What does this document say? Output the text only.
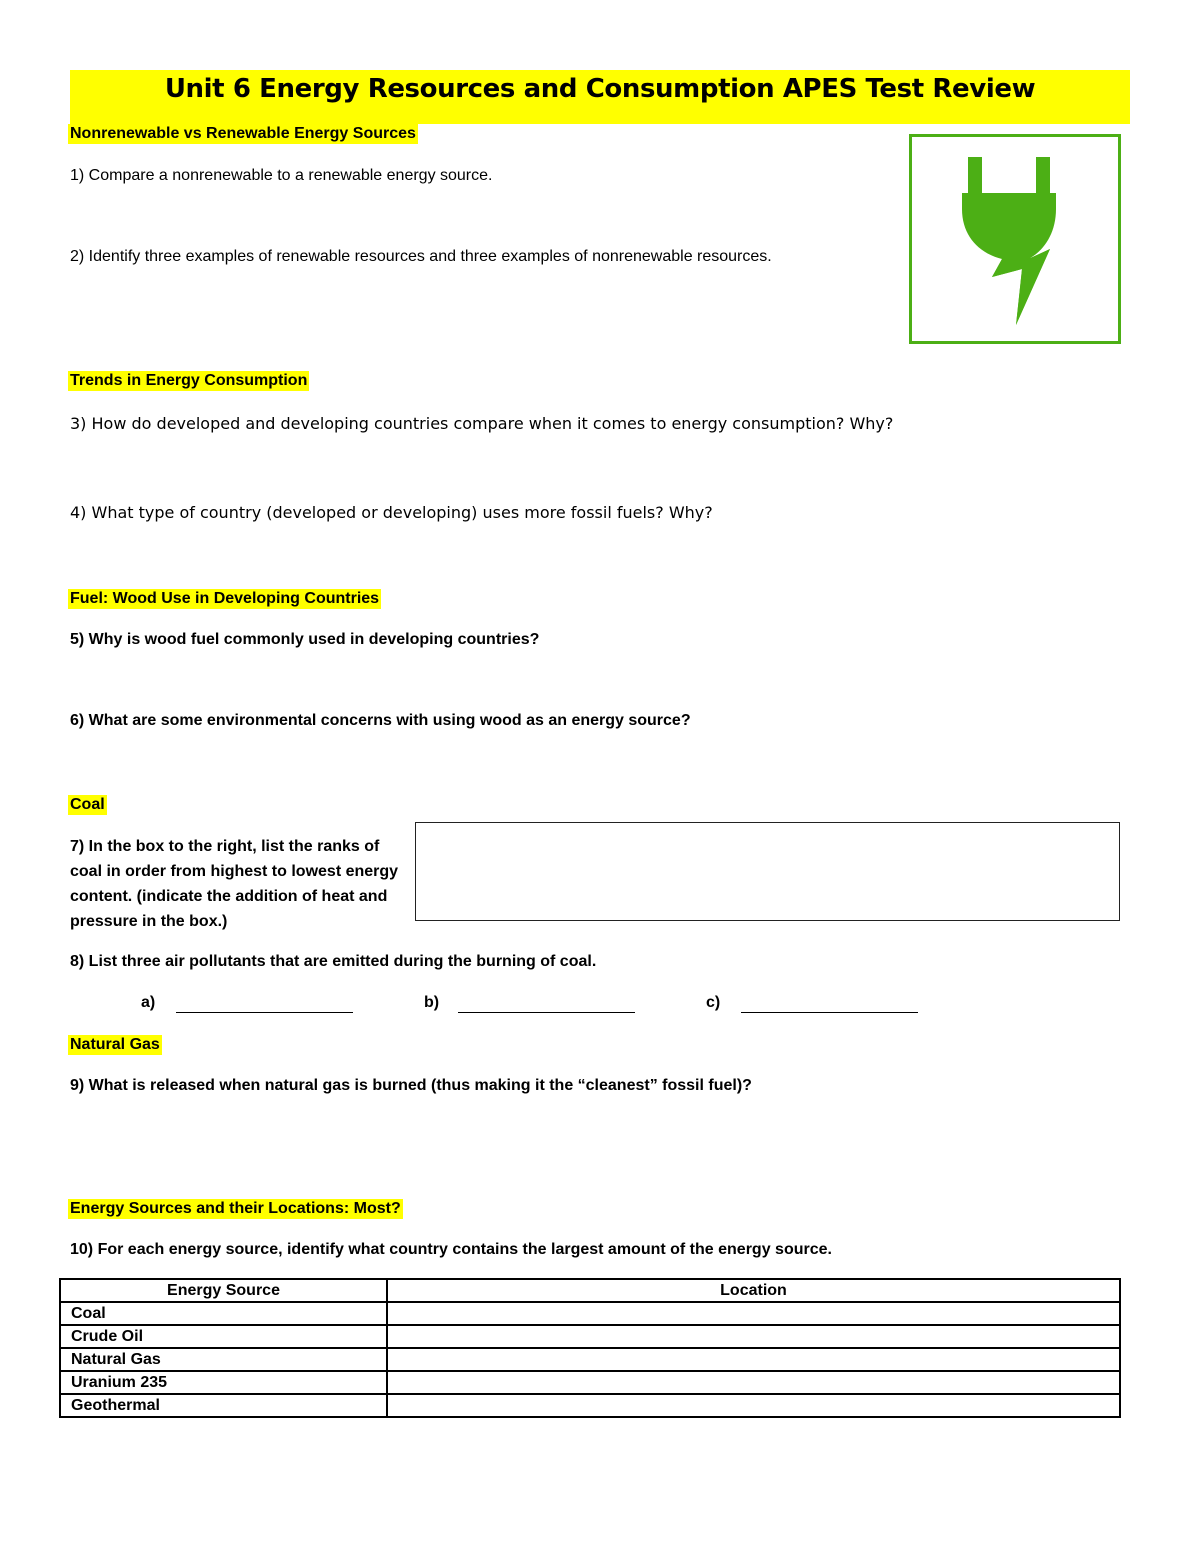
Unit 6 Energy Resources and Consumption APES Test Review
Nonrenewable vs Renewable Energy Sources
1) Compare a nonrenewable to a renewable energy source.
2) Identify three examples of renewable resources and three examples of nonrenewable resources.
Trends in Energy Consumption
3) How do developed and developing countries compare when it comes to energy consumption? Why?
4) What type of country (developed or developing) uses more fossil fuels? Why?
Fuel: Wood Use in Developing Countries
5) Why is wood fuel commonly used in developing countries?
6) What are some environmental concerns with using wood as an energy source?
Coal
7) In the box to the right, list the ranks of coal in order from highest to lowest energy content. (indicate the addition of heat and pressure in the box.)
8) List three air pollutants that are emitted during the burning of coal.
a)	b)	c)
Natural Gas
9) What is released when natural gas is burned (thus making it the “cleanest” fossil fuel)?
Energy Sources and their Locations: Most?
10) For each energy source, identify what country contains the largest amount of the energy source.
Energy Source	Location
Coal	
Crude Oil	
Natural Gas	
Uranium 235	
Geothermal	
